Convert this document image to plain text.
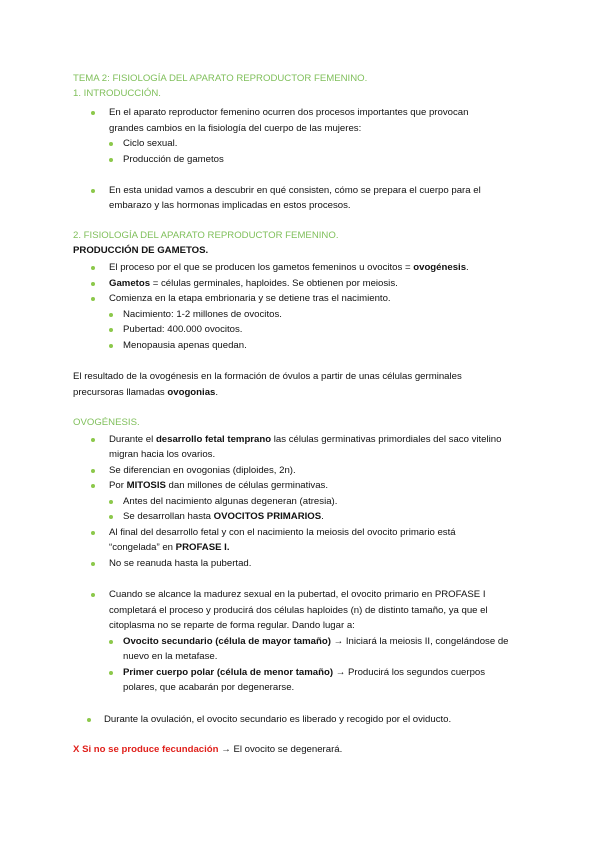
TEMA 2: FISIOLOGÍA DEL APARATO REPRODUCTOR FEMENINO.
1. INTRODUCCIÓN.
En el aparato reproductor femenino ocurren dos procesos importantes que provocan
grandes cambios en la fisiología del cuerpo de las mujeres:
Ciclo sexual.
Producción de gametos
En esta unidad vamos a descubrir en qué consisten, cómo se prepara el cuerpo para el
embarazo y las hormonas implicadas en estos procesos.
2. FISIOLOGÍA DEL APARATO REPRODUCTOR FEMENINO.
PRODUCCIÓN DE GAMETOS.
El proceso por el que se producen los gametos femeninos u ovocitos = ovogénesis.
Gametos = células germinales, haploides. Se obtienen por meiosis.
Comienza en la etapa embrionaria y se detiene tras el nacimiento.
Nacimiento: 1-2 millones de ovocitos.
Pubertad: 400.000 ovocitos.
Menopausia apenas quedan.
El resultado de la ovogénesis en la formación de óvulos a partir de unas células germinales
precursoras llamadas ovogonias.
OVOGÉNESIS.
Durante el desarrollo fetal temprano las células germinativas primordiales del saco vitelino
migran hacia los ovarios.
Se diferencian en ovogonias (diploides, 2n).
Por MITOSIS dan millones de células germinativas.
Antes del nacimiento algunas degeneran (atresia).
Se desarrollan hasta OVOCITOS PRIMARIOS.
Al final del desarrollo fetal y con el nacimiento la meiosis del ovocito primario está
“congelada” en PROFASE I.
No se reanuda hasta la pubertad.
Cuando se alcance la madurez sexual en la pubertad, el ovocito primario en PROFASE I
completará el proceso y producirá dos células haploides (n) de distinto tamaño, ya que el
citoplasma no se reparte de forma regular. Dando lugar a:
Ovocito secundario (célula de mayor tamaño) → Iniciará la meiosis II, congelándose de
nuevo en la metafase.
Primer cuerpo polar (célula de menor tamaño) → Producirá los segundos cuerpos
polares, que acabarán por degenerarse.
Durante la ovulación, el ovocito secundario es liberado y recogido por el oviducto.
X Si no se produce fecundación → El ovocito se degenerará.
